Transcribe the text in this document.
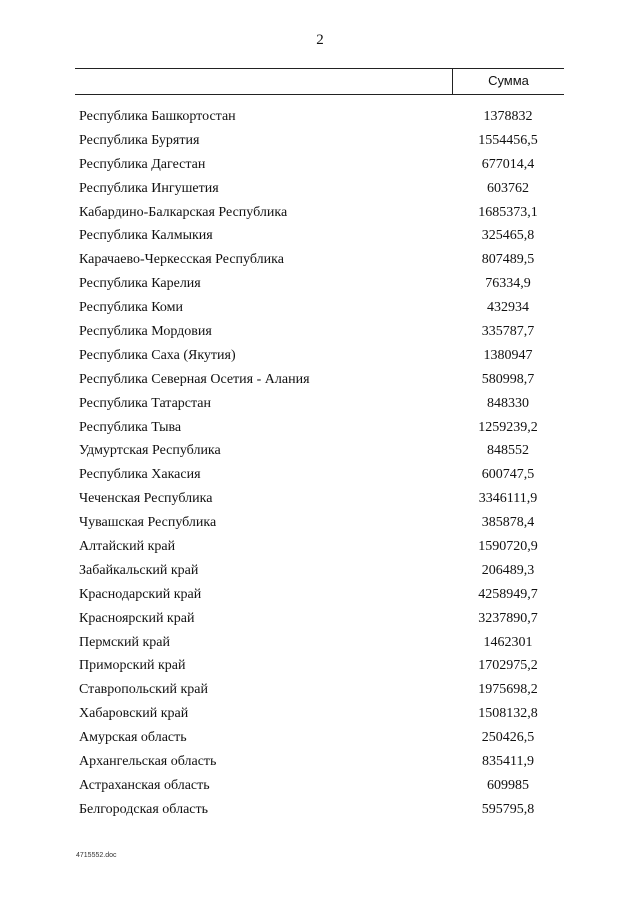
2
Сумма
Республика Башкортостан	1378832
Республика Бурятия	1554456,5
Республика Дагестан	677014,4
Республика Ингушетия	603762
Кабардино-Балкарская Республика	1685373,1
Республика Калмыкия	325465,8
Карачаево-Черкесская Республика	807489,5
Республика Карелия	76334,9
Республика Коми	432934
Республика Мордовия	335787,7
Республика Саха (Якутия)	1380947
Республика Северная Осетия - Алания	580998,7
Республика Татарстан	848330
Республика Тыва	1259239,2
Удмуртская Республика	848552
Республика Хакасия	600747,5
Чеченская Республика	3346111,9
Чувашская Республика	385878,4
Алтайский край	1590720,9
Забайкальский край	206489,3
Краснодарский край	4258949,7
Красноярский край	3237890,7
Пермский край	1462301
Приморский край	1702975,2
Ставропольский край	1975698,2
Хабаровский край	1508132,8
Амурская область	250426,5
Архангельская область	835411,9
Астраханская область	609985
Белгородская область	595795,8
4715552.doc
